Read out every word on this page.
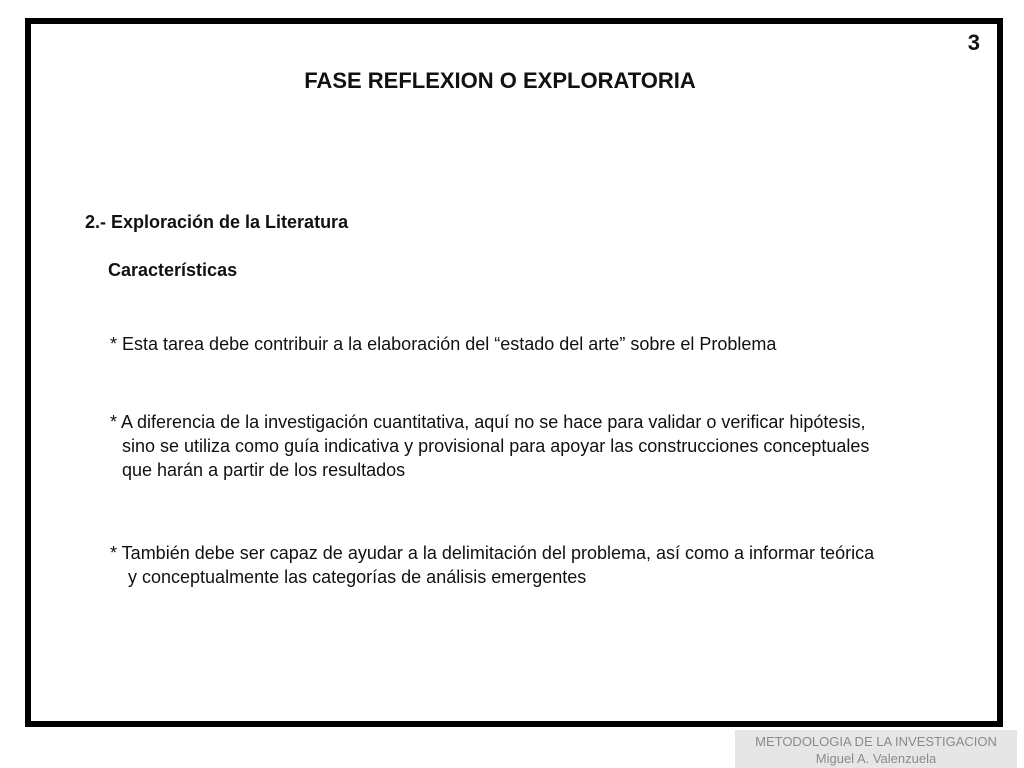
3
FASE REFLEXION O EXPLORATORIA
2.- Exploración de la Literatura
Características
* Esta tarea debe contribuir a la elaboración del “estado del arte” sobre el Problema
* A diferencia de la investigación cuantitativa, aquí no se hace para validar o verificar hipótesis,
sino se utiliza como guía indicativa y provisional para apoyar las construcciones conceptuales
que harán a partir de los resultados
* También debe ser capaz de ayudar a la delimitación del problema, así como a informar teórica
y conceptualmente las categorías de análisis emergentes
METODOLOGIA DE LA INVESTIGACION
Miguel A. Valenzuela
